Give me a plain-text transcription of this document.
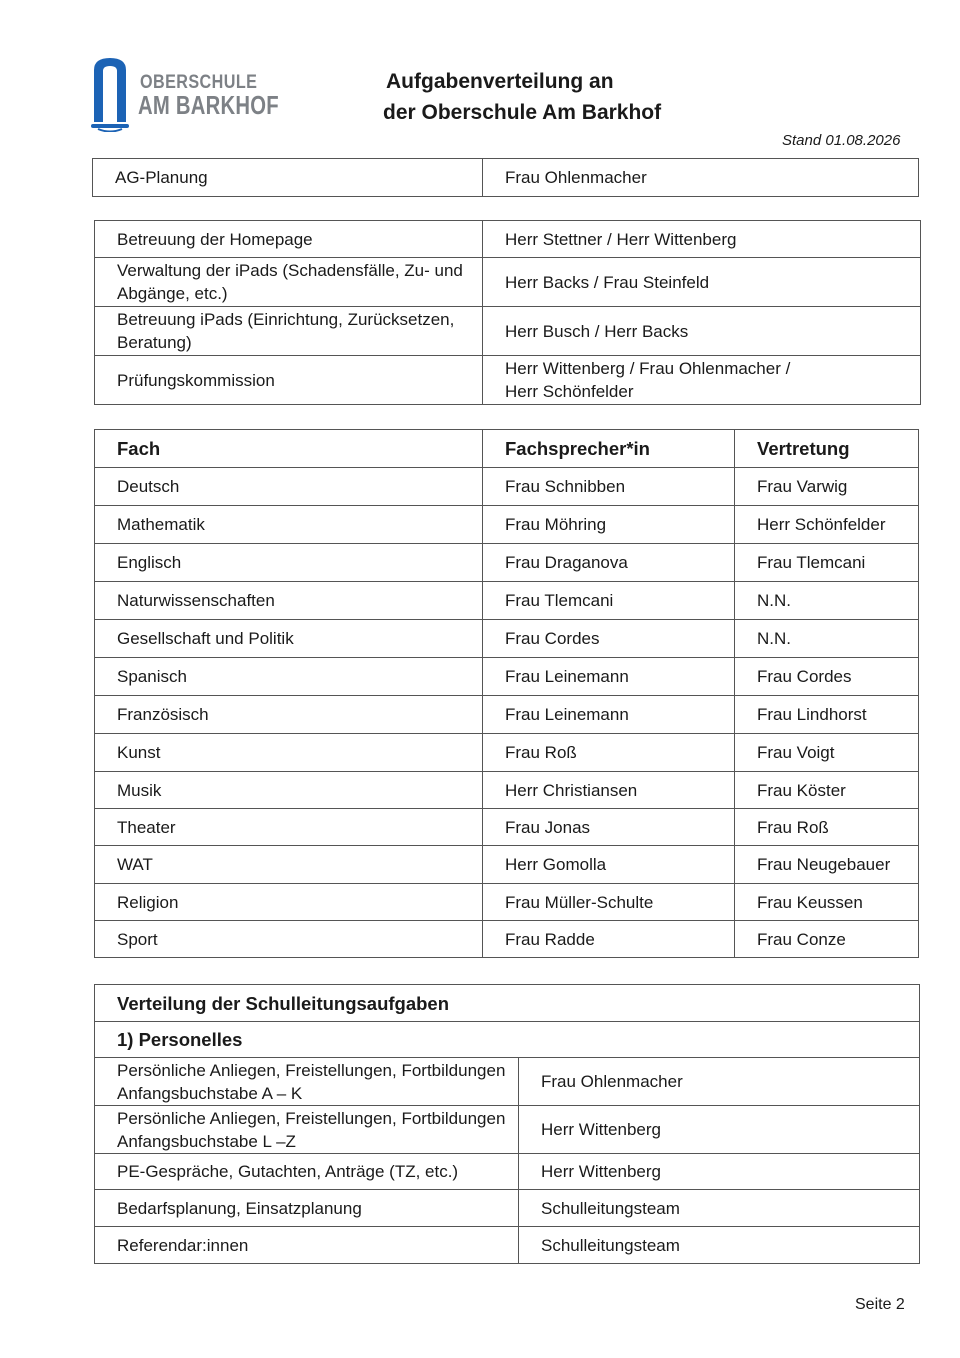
OBERSCHULE
AM BARKHOF
Aufgabenverteilung an
der Oberschule Am Barkhof
Stand 01.08.2026
AG-Planung	Frau Ohlenmacher
Betreuung der Homepage	Herr Stettner / Herr Wittenberg
Verwaltung der iPads (Schadensfälle, Zu- und Abgänge, etc.)	Herr Backs / Frau Steinfeld
Betreuung iPads (Einrichtung, Zurücksetzen, Beratung)	Herr Busch / Herr Backs
Prüfungskommission	Herr Wittenberg / Frau Ohlenmacher / Herr Schönfelder
Fach	Fachsprecher*in	Vertretung
Deutsch	Frau Schnibben	Frau Varwig
Mathematik	Frau Möhring	Herr Schönfelder
Englisch	Frau Draganova	Frau Tlemcani
Naturwissenschaften	Frau Tlemcani	N.N.
Gesellschaft und Politik	Frau Cordes	N.N.
Spanisch	Frau Leinemann	Frau Cordes
Französisch	Frau Leinemann	Frau Lindhorst
Kunst	Frau Roß	Frau Voigt
Musik	Herr Christiansen	Frau Köster
Theater	Frau Jonas	Frau Roß
WAT	Herr Gomolla	Frau Neugebauer
Religion	Frau Müller-Schulte	Frau Keussen
Sport	Frau Radde	Frau Conze
Verteilung der Schulleitungsaufgaben	
1) Personelles	

Persönliche Anliegen, Freistellungen, Fortbildungen
Anfangsbuchstabe A – K	Frau Ohlenmacher

Persönliche Anliegen, Freistellungen, Fortbildungen
Anfangsbuchstabe L –Z	Herr Wittenberg
PE-Gespräche, Gutachten, Anträge (TZ, etc.)	Herr Wittenberg
Bedarfsplanung, Einsatzplanung	Schulleitungsteam
Referendar:innen	Schulleitungsteam
Seite 2
